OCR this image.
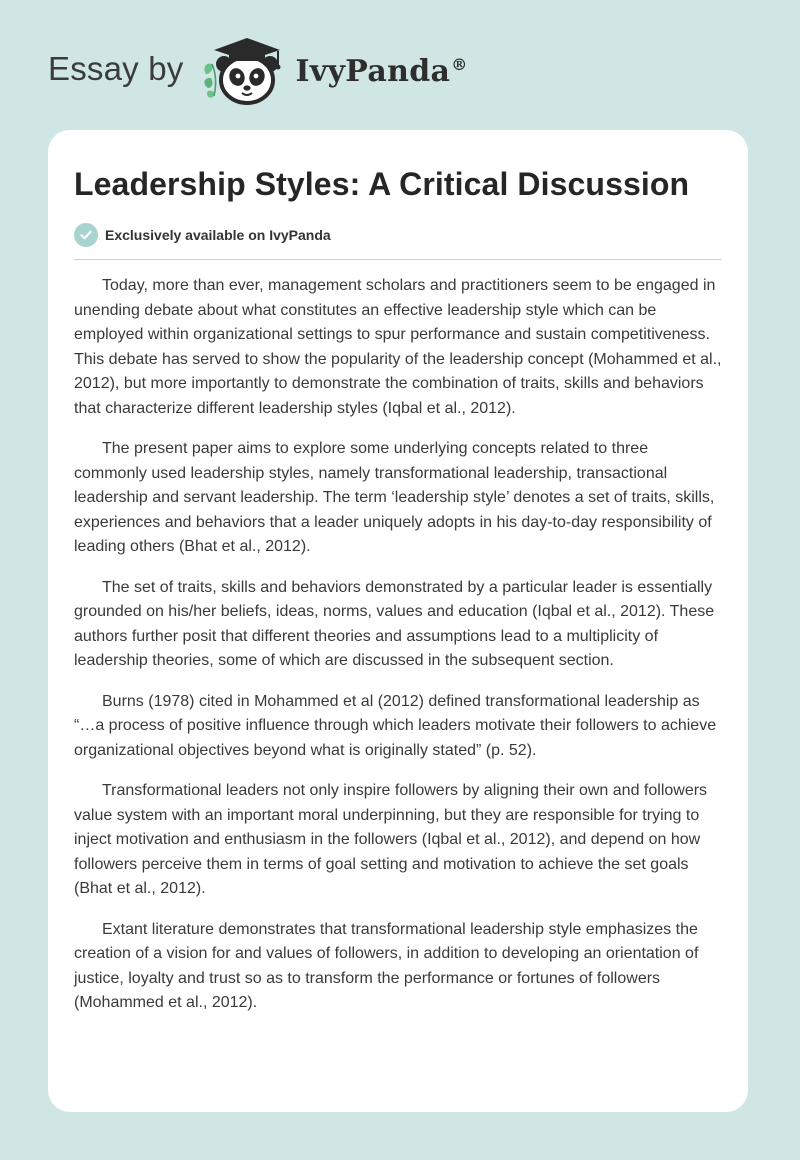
Essay by	IvyPanda®
Leadership Styles: A Critical Discussion
Exclusively available on IvyPanda

Today, more than ever, management scholars and practitioners seem to be engaged in unending debate about what constitutes an effective leadership style which can be employed within organizational settings to spur performance and sustain competitiveness. This debate has served to show the popularity of the leadership concept (Mohammed et al., 2012), but more importantly to demonstrate the combination of traits, skills and behaviors that characterize different leadership styles (Iqbal et al., 2012).

The present paper aims to explore some underlying concepts related to three commonly used leadership styles, namely transformational leadership, transactional leadership and servant leadership. The term ‘leadership style’ denotes a set of traits, skills, experiences and behaviors that a leader uniquely adopts in his day-to-day responsibility of leading others (Bhat et al., 2012).

The set of traits, skills and behaviors demonstrated by a particular leader is essentially grounded on his/her beliefs, ideas, norms, values and education (Iqbal et al., 2012). These authors further posit that different theories and assumptions lead to a multiplicity of leadership theories, some of which are discussed in the subsequent section.

Burns (1978) cited in Mohammed et al (2012) defined transformational leadership as “…a process of positive influence through which leaders motivate their followers to achieve organizational objectives beyond what is originally stated” (p. 52).

Transformational leaders not only inspire followers by aligning their own and followers value system with an important moral underpinning, but they are responsible for trying to inject motivation and enthusiasm in the followers (Iqbal et al., 2012), and depend on how followers perceive them in terms of goal setting and motivation to achieve the set goals (Bhat et al., 2012).

Extant literature demonstrates that transformational leadership style emphasizes the creation of a vision for and values of followers, in addition to developing an orientation of justice, loyalty and trust so as to transform the performance or fortunes of followers (Mohammed et al., 2012).
